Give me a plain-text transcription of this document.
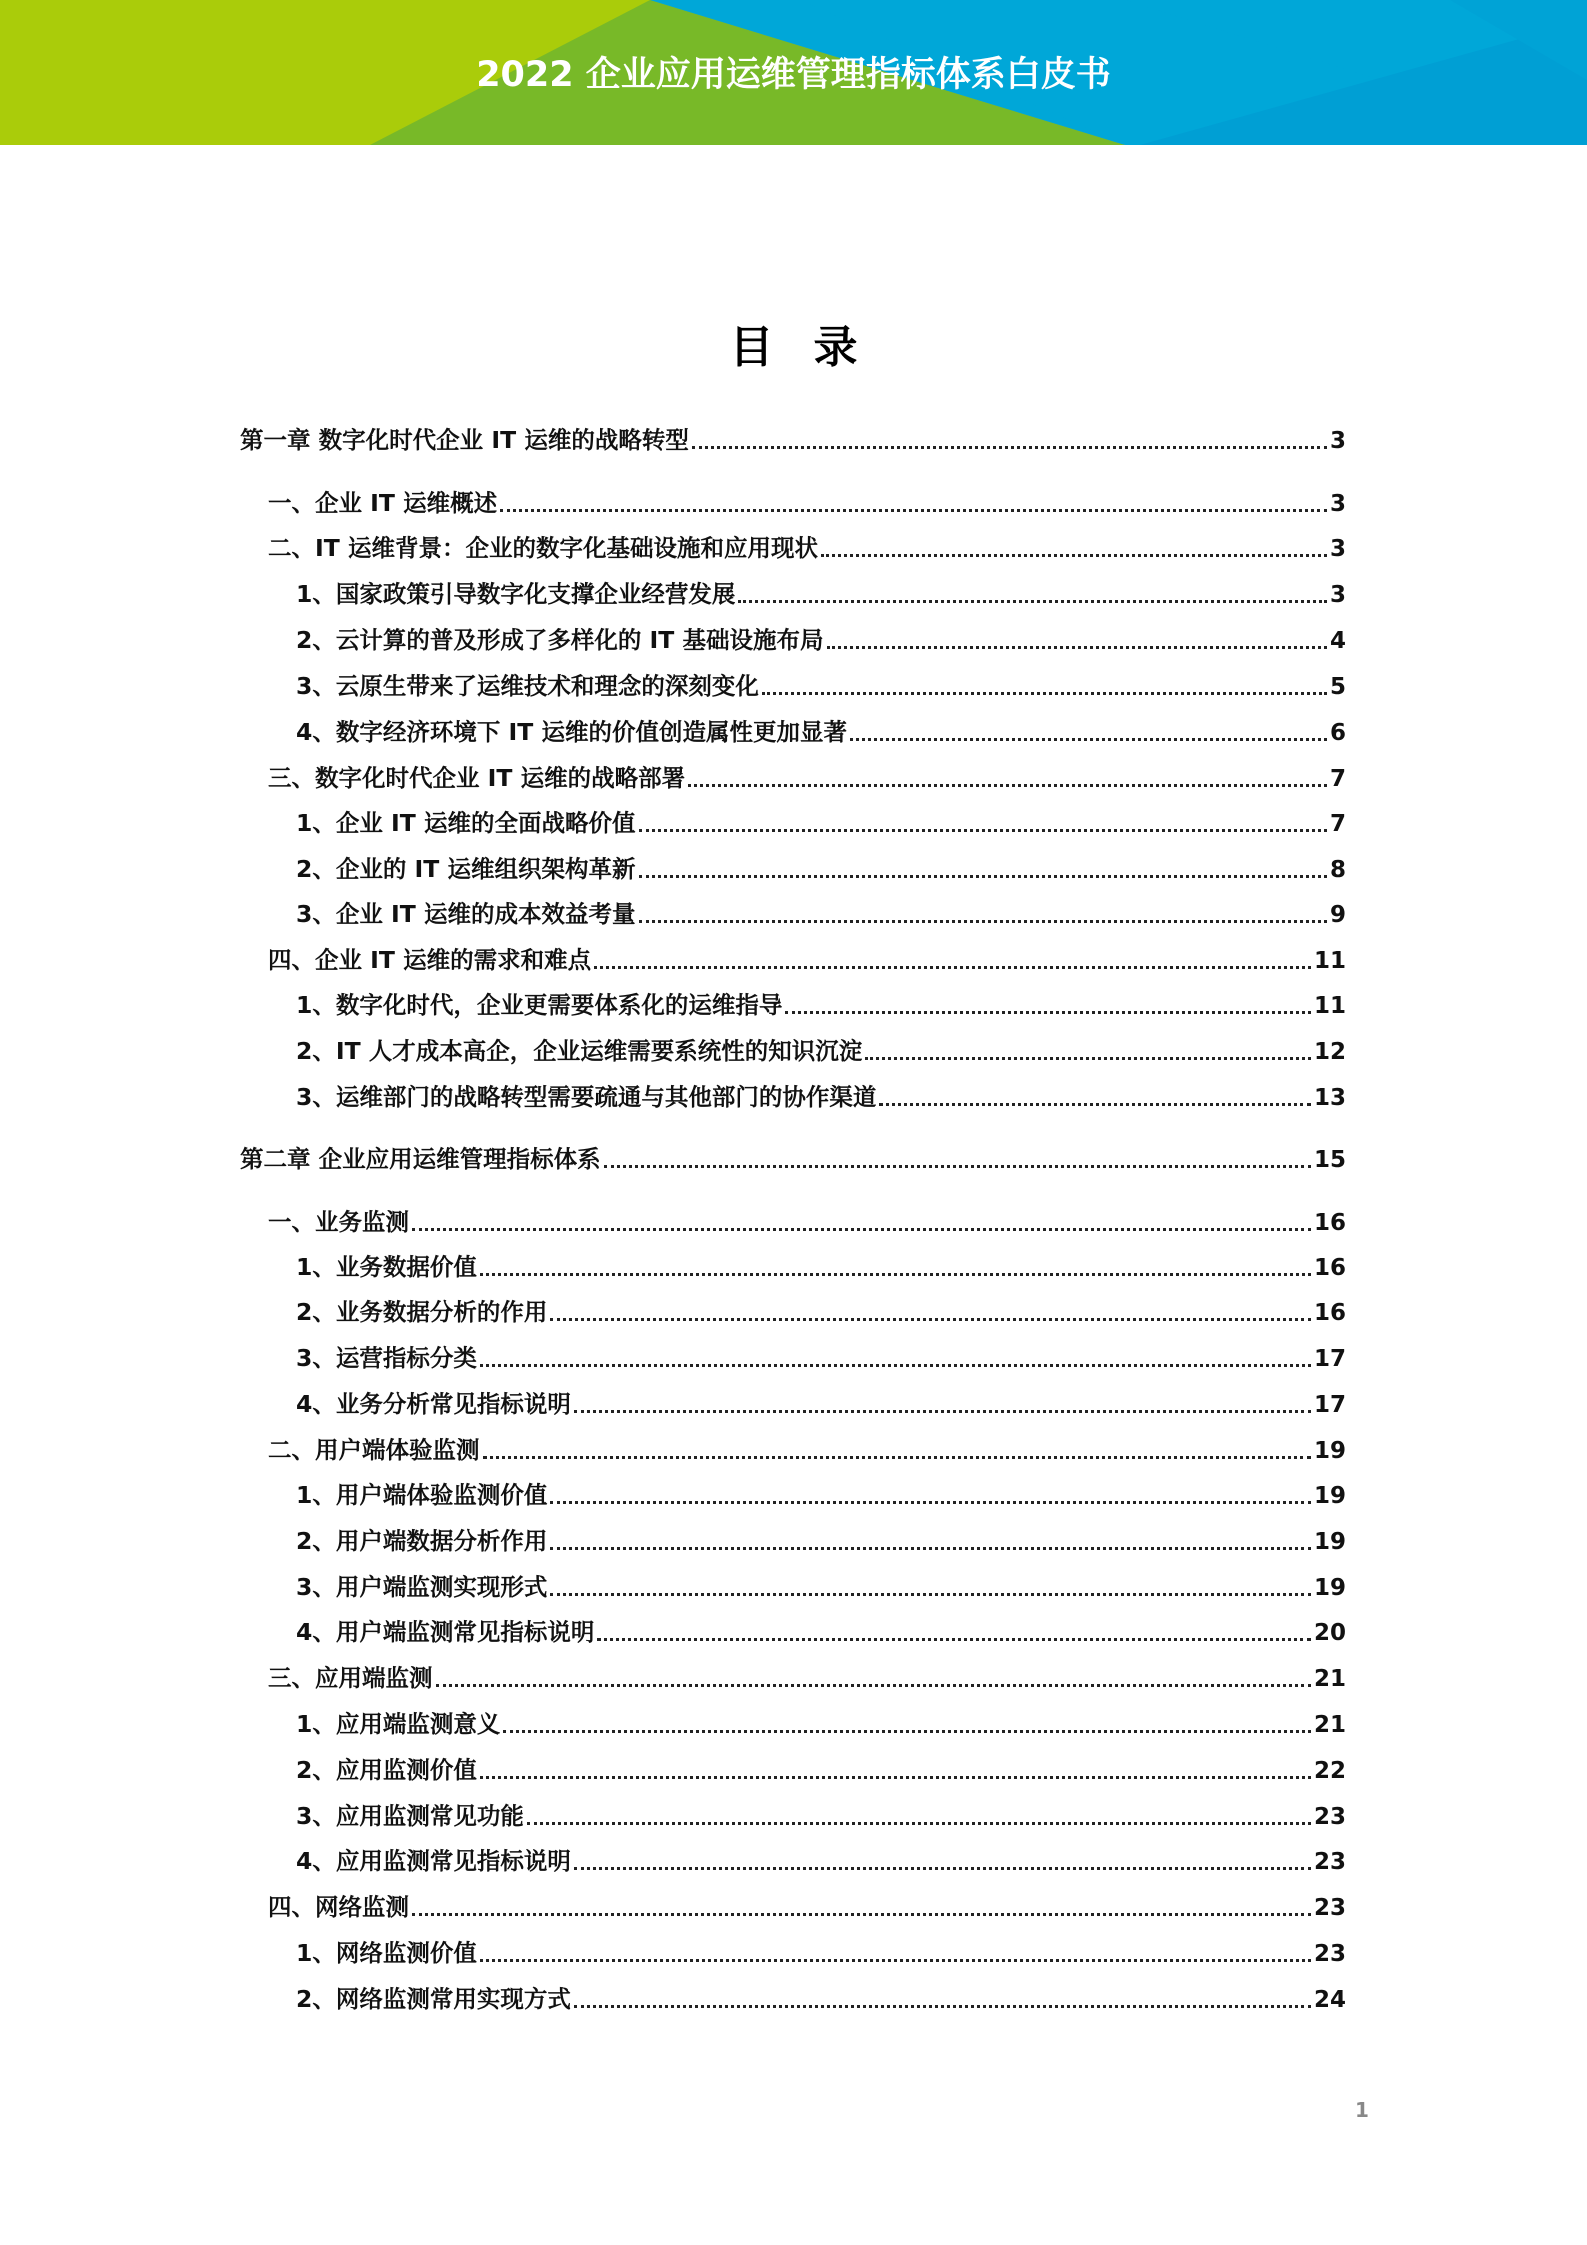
2022 企业应用运维管理指标体系白皮书
目录
第一章 数字化时代企业 IT 运维的战略转型	3
一、企业 IT 运维概述	3
二、IT 运维背景：企业的数字化基础设施和应用现状	3
1、国家政策引导数字化支撑企业经营发展	3
2、云计算的普及形成了多样化的 IT 基础设施布局	4
3、云原生带来了运维技术和理念的深刻变化	5
4、数字经济环境下 IT 运维的价值创造属性更加显著	6
三、数字化时代企业 IT 运维的战略部署	7
1、企业 IT 运维的全面战略价值	7
2、企业的 IT 运维组织架构革新	8
3、企业 IT 运维的成本效益考量	9
四、企业 IT 运维的需求和难点	11
1、数字化时代，企业更需要体系化的运维指导	11
2、IT 人才成本高企，企业运维需要系统性的知识沉淀	12
3、运维部门的战略转型需要疏通与其他部门的协作渠道	13
第二章 企业应用运维管理指标体系	15
一、业务监测	16
1、业务数据价值	16
2、业务数据分析的作用	16
3、运营指标分类	17
4、业务分析常见指标说明	17
二、用户端体验监测	19
1、用户端体验监测价值	19
2、用户端数据分析作用	19
3、用户端监测实现形式	19
4、用户端监测常见指标说明	20
三、应用端监测	21
1、应用端监测意义	21
2、应用监测价值	22
3、应用监测常见功能	23
4、应用监测常见指标说明	23
四、网络监测	23
1、网络监测价值	23
2、网络监测常用实现方式	24
1
